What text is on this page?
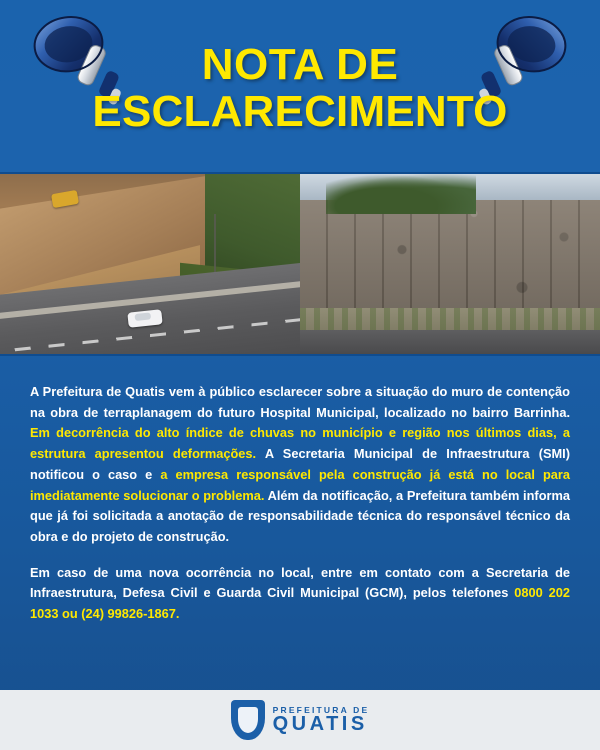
NOTA DE
ESCLARECIMENTO

A Prefeitura de Quatis vem à público esclarecer sobre a situação do muro de contenção na obra de terraplanagem do futuro Hospital Municipal, localizado no bairro Barrinha. Em decorrência do alto índice de chuvas no município e região nos últimos dias, a estrutura apresentou deformações. A Secretaria Municipal de Infraestrutura (SMI) notificou o caso e a empresa responsável pela construção já está no local para imediatamente solucionar o problema. Além da notificação, a Prefeitura também informa que já foi solicitada a anotação de responsabilidade técnica do responsável técnico da obra e do projeto de construção.

Em caso de uma nova ocorrência no local, entre em contato com a Secretaria de Infraestrutura, Defesa Civil e Guarda Civil Municipal (GCM), pelos telefones 0800 202 1033 ou (24) 99826-1867.

PREFEITURA DE
QUATIS
